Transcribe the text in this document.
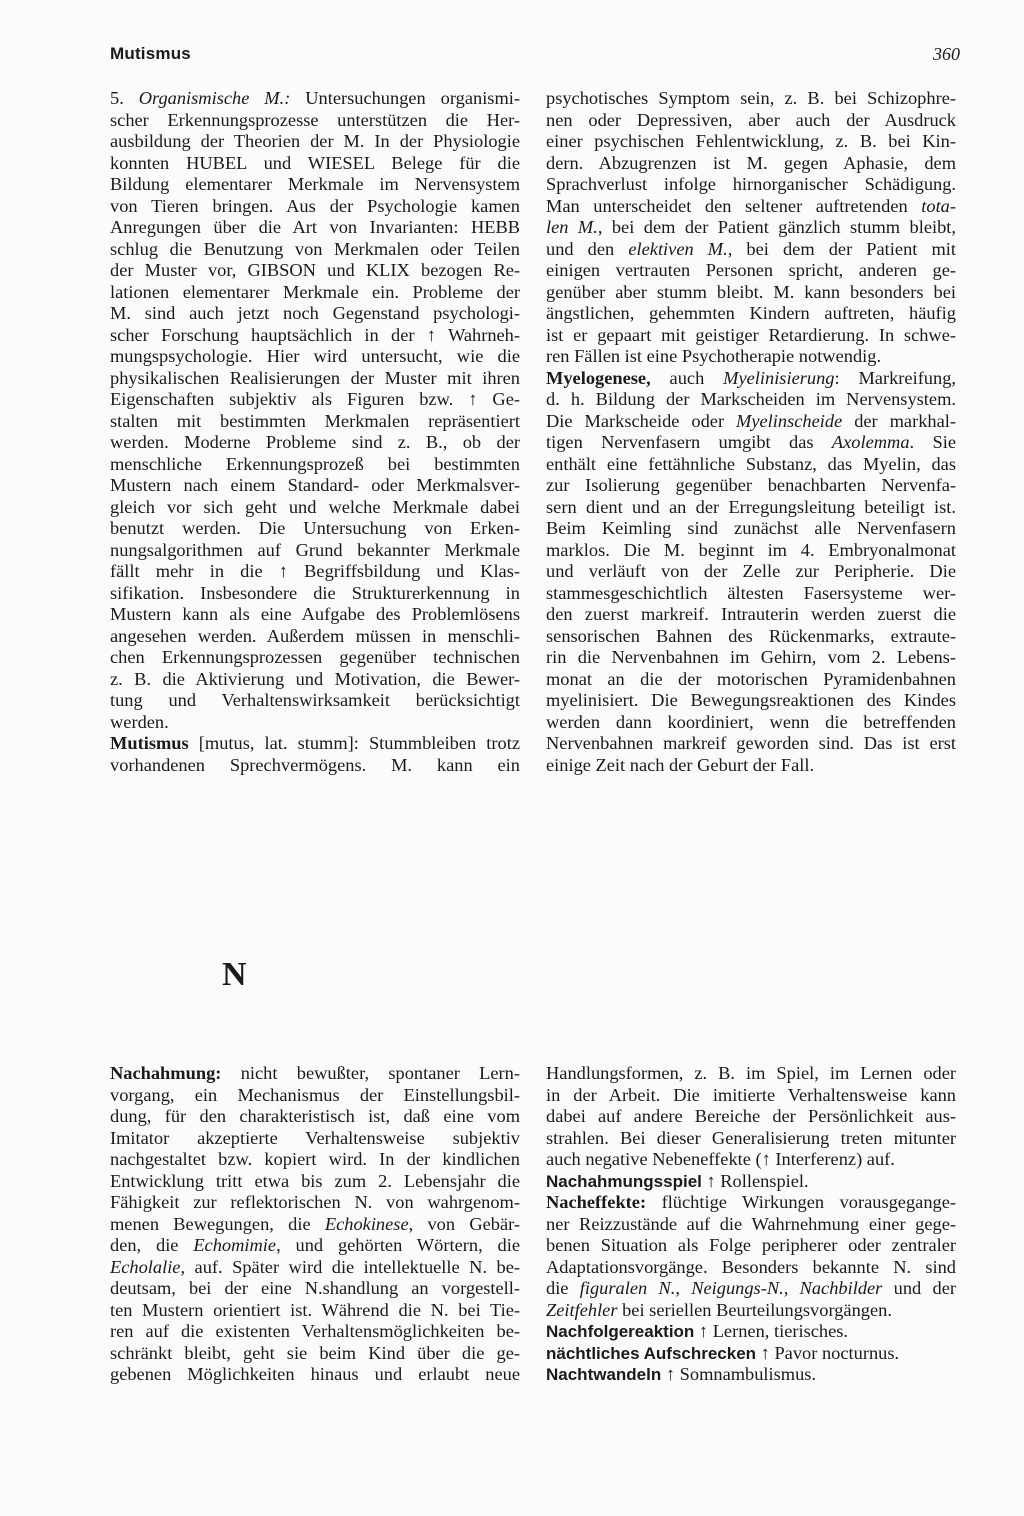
Mutismus	360

5. Organismische M.: Untersuchungen organismi-

scher Erkennungsprozesse unterstützen die Her-

ausbildung der Theorien der M. In der Physiologie

konnten HUBEL und WIESEL Belege für die

Bildung elementarer Merkmale im Nervensystem

von Tieren bringen. Aus der Psychologie kamen

Anregungen über die Art von Invarianten: HEBB

schlug die Benutzung von Merkmalen oder Teilen

der Muster vor, GIBSON und KLIX bezogen Re-

lationen elementarer Merkmale ein. Probleme der

M. sind auch jetzt noch Gegenstand psychologi-

scher Forschung hauptsächlich in der ↑ Wahrneh-

mungspsychologie. Hier wird untersucht, wie die

physikalischen Realisierungen der Muster mit ihren

Eigenschaften subjektiv als Figuren bzw. ↑ Ge-

stalten mit bestimmten Merkmalen repräsentiert

werden. Moderne Probleme sind z. B., ob der

menschliche Erkennungsprozeß bei bestimmten

Mustern nach einem Standard- oder Merkmalsver-

gleich vor sich geht und welche Merkmale dabei

benutzt werden. Die Untersuchung von Erken-

nungsalgorithmen auf Grund bekannter Merkmale

fällt mehr in die ↑ Begriffsbildung und Klas-

sifikation. Insbesondere die Strukturerkennung in

Mustern kann als eine Aufgabe des Problemlösens

angesehen werden. Außerdem müssen in menschli-

chen Erkennungsprozessen gegenüber technischen

z. B. die Aktivierung und Motivation, die Bewer-

tung und Verhaltenswirksamkeit berücksichtigt

werden.

Mutismus [mutus, lat. stumm]: Stummbleiben trotz

vorhandenen Sprechvermögens. M. kann ein

psychotisches Symptom sein, z. B. bei Schizophre-

nen oder Depressiven, aber auch der Ausdruck

einer psychischen Fehlentwicklung, z. B. bei Kin-

dern. Abzugrenzen ist M. gegen Aphasie, dem

Sprachverlust infolge hirnorganischer Schädigung.

Man unterscheidet den seltener auftretenden tota-

len M., bei dem der Patient gänzlich stumm bleibt,

und den elektiven M., bei dem der Patient mit

einigen vertrauten Personen spricht, anderen ge-

genüber aber stumm bleibt. M. kann besonders bei

ängstlichen, gehemmten Kindern auftreten, häufig

ist er gepaart mit geistiger Retardierung. In schwe-

ren Fällen ist eine Psychotherapie notwendig.

Myelogenese, auch Myelinisierung: Markreifung,

d. h. Bildung der Markscheiden im Nervensystem.

Die Markscheide oder Myelinscheide der markhal-

tigen Nervenfasern umgibt das Axolemma. Sie

enthält eine fettähnliche Substanz, das Myelin, das

zur Isolierung gegenüber benachbarten Nervenfa-

sern dient und an der Erregungsleitung beteiligt ist.

Beim Keimling sind zunächst alle Nervenfasern

marklos. Die M. beginnt im 4. Embryonalmonat

und verläuft von der Zelle zur Peripherie. Die

stammesgeschichtlich ältesten Fasersysteme wer-

den zuerst markreif. Intrauterin werden zuerst die

sensorischen Bahnen des Rückenmarks, extraute-

rin die Nervenbahnen im Gehirn, vom 2. Lebens-

monat an die der motorischen Pyramidenbahnen

myelinisiert. Die Bewegungsreaktionen des Kindes

werden dann koordiniert, wenn die betreffenden

Nervenbahnen markreif geworden sind. Das ist erst

einige Zeit nach der Geburt der Fall.

N

Nachahmung: nicht bewußter, spontaner Lern-

vorgang, ein Mechanismus der Einstellungsbil-

dung, für den charakteristisch ist, daß eine vom

Imitator akzeptierte Verhaltensweise subjektiv

nachgestaltet bzw. kopiert wird. In der kindlichen

Entwicklung tritt etwa bis zum 2. Lebensjahr die

Fähigkeit zur reflektorischen N. von wahrgenom-

menen Bewegungen, die Echokinese, von Gebär-

den, die Echomimie, und gehörten Wörtern, die

Echolalie, auf. Später wird die intellektuelle N. be-

deutsam, bei der eine N.shandlung an vorgestell-

ten Mustern orientiert ist. Während die N. bei Tie-

ren auf die existenten Verhaltensmöglichkeiten be-

schränkt bleibt, geht sie beim Kind über die ge-

gebenen Möglichkeiten hinaus und erlaubt neue

Handlungsformen, z. B. im Spiel, im Lernen oder

in der Arbeit. Die imitierte Verhaltensweise kann

dabei auf andere Bereiche der Persönlichkeit aus-

strahlen. Bei dieser Generalisierung treten mitunter

auch negative Nebeneffekte (↑ Interferenz) auf.

Nachahmungsspiel ↑ Rollenspiel.

Nacheffekte: flüchtige Wirkungen vorausgegange-

ner Reizzustände auf die Wahrnehmung einer gege-

benen Situation als Folge peripherer oder zentraler

Adaptationsvorgänge. Besonders bekannte N. sind

die figuralen N., Neigungs-N., Nachbilder und der

Zeitfehler bei seriellen Beurteilungsvorgängen.

Nachfolgereaktion ↑ Lernen, tierisches.

nächtliches Aufschrecken ↑ Pavor nocturnus.

Nachtwandeln ↑ Somnambulismus.
